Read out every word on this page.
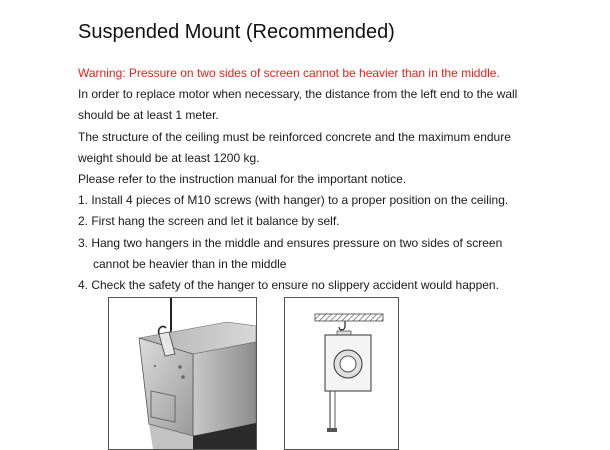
Suspended Mount (Recommended)
Warning: Pressure on two sides of screen cannot be heavier than in the middle.
In order to replace motor when necessary, the distance from the left end to the wall
should be at least 1 meter.
The structure of the ceiling must be reinforced concrete and the maximum endure
weight should be at least 1200 kg.
Please refer to the instruction manual for the important notice.
1. Install 4 pieces of M10 screws (with hanger) to a proper position on the ceiling.
2. First hang the screen and let it balance by self.
3. Hang two hangers in the middle and ensures pressure on two sides of screen
cannot be heavier than in the middle
4. Check the safety of the hanger to ensure no slippery accident would happen.
